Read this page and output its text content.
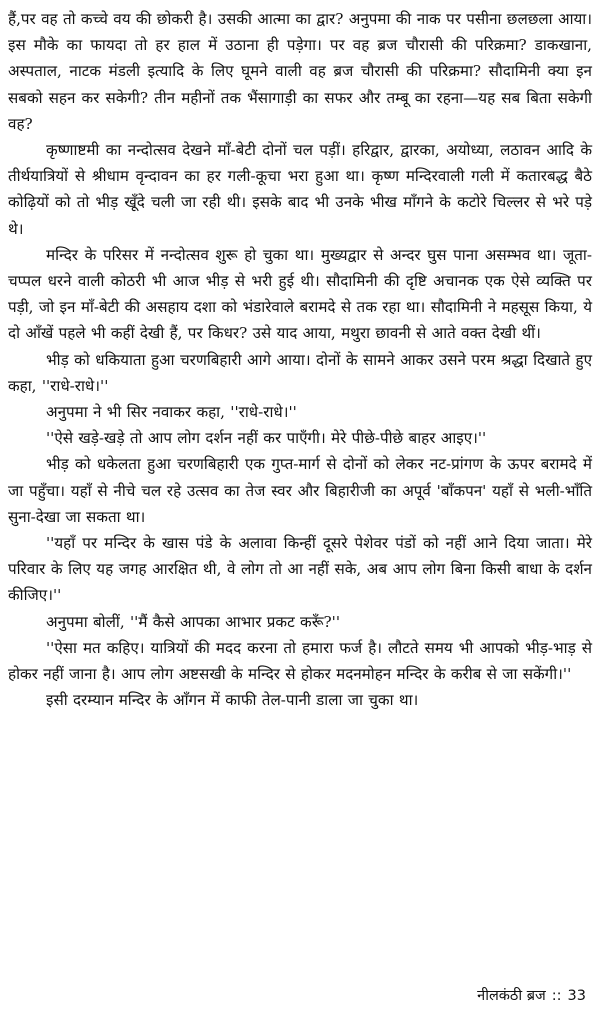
हैं,पर वह तो कच्चे वय की छोकरी है। उसकी आत्मा का द्वार? अनुपमा की नाक पर पसीना छलछला आया। इस मौके का फायदा तो हर हाल में उठाना ही पड़ेगा। पर वह ब्रज चौरासी की परिक्रमा? डाकखाना, अस्पताल, नाटक मंडली इत्यादि के लिए घूमने वाली वह ब्रज चौरासी की परिक्रमा? सौदामिनी क्या इन सबको सहन कर सकेगी? तीन महीनों तक भैंसागाड़ी का सफर और तम्बू का रहना—यह सब बिता सकेगी वह?

कृष्णाष्टमी का नन्दोत्सव देखने माँ-बेटी दोनों चल पड़ीं। हरिद्वार, द्वारका, अयोध्या, लठावन आदि के तीर्थयात्रियों से श्रीधाम वृन्दावन का हर गली-कूचा भरा हुआ था। कृष्ण मन्दिरवाली गली में कतारबद्ध बैठे कोढ़ियों को तो भीड़ खूँदे चली जा रही थी। इसके बाद भी उनके भीख माँगने के कटोरे चिल्लर से भरे पड़े थे।

मन्दिर के परिसर में नन्दोत्सव शुरू हो चुका था। मुख्यद्वार से अन्दर घुस पाना असम्भव था। जूता-चप्पल धरने वाली कोठरी भी आज भीड़ से भरी हुई थी। सौदामिनी की दृष्टि अचानक एक ऐसे व्यक्ति पर पड़ी, जो इन माँ-बेटी की असहाय दशा को भंडारेवाले बरामदे से तक रहा था। सौदामिनी ने महसूस किया, ये दो आँखें पहले भी कहीं देखी हैं, पर किधर? उसे याद आया, मथुरा छावनी से आते वक्त देखी थीं।

भीड़ को धकियाता हुआ चरणबिहारी आगे आया। दोनों के सामने आकर उसने परम श्रद्धा दिखाते हुए कहा, ''राधे-राधे।''

अनुपमा ने भी सिर नवाकर कहा, ''राधे-राधे।''

''ऐसे खड़े-खड़े तो आप लोग दर्शन नहीं कर पाएँगी। मेरे पीछे-पीछे बाहर आइए।''

भीड़ को धकेलता हुआ चरणबिहारी एक गुप्त-मार्ग से दोनों को लेकर नट-प्रांगण के ऊपर बरामदे में जा पहुँचा। यहाँ से नीचे चल रहे उत्सव का तेज स्वर और बिहारीजी का अपूर्व 'बाँकपन' यहाँ से भली-भाँति सुना-देखा जा सकता था।

''यहाँ पर मन्दिर के खास पंडे के अलावा किन्हीं दूसरे पेशेवर पंडों को नहीं आने दिया जाता। मेरे परिवार के लिए यह जगह आरक्षित थी, वे लोग तो आ नहीं सके, अब आप लोग बिना किसी बाधा के दर्शन कीजिए।''

अनुपमा बोलीं, ''मैं कैसे आपका आभार प्रकट करूँ?''

''ऐसा मत कहिए। यात्रियों की मदद करना तो हमारा फर्ज है। लौटते समय भी आपको भीड़-भाड़ से होकर नहीं जाना है। आप लोग अष्टसखी के मन्दिर से होकर मदनमोहन मन्दिर के करीब से जा सकेंगी।''

इसी दरम्यान मन्दिर के आँगन में काफी तेल-पानी डाला जा चुका था।

नीलकंठी ब्रज :: 33
